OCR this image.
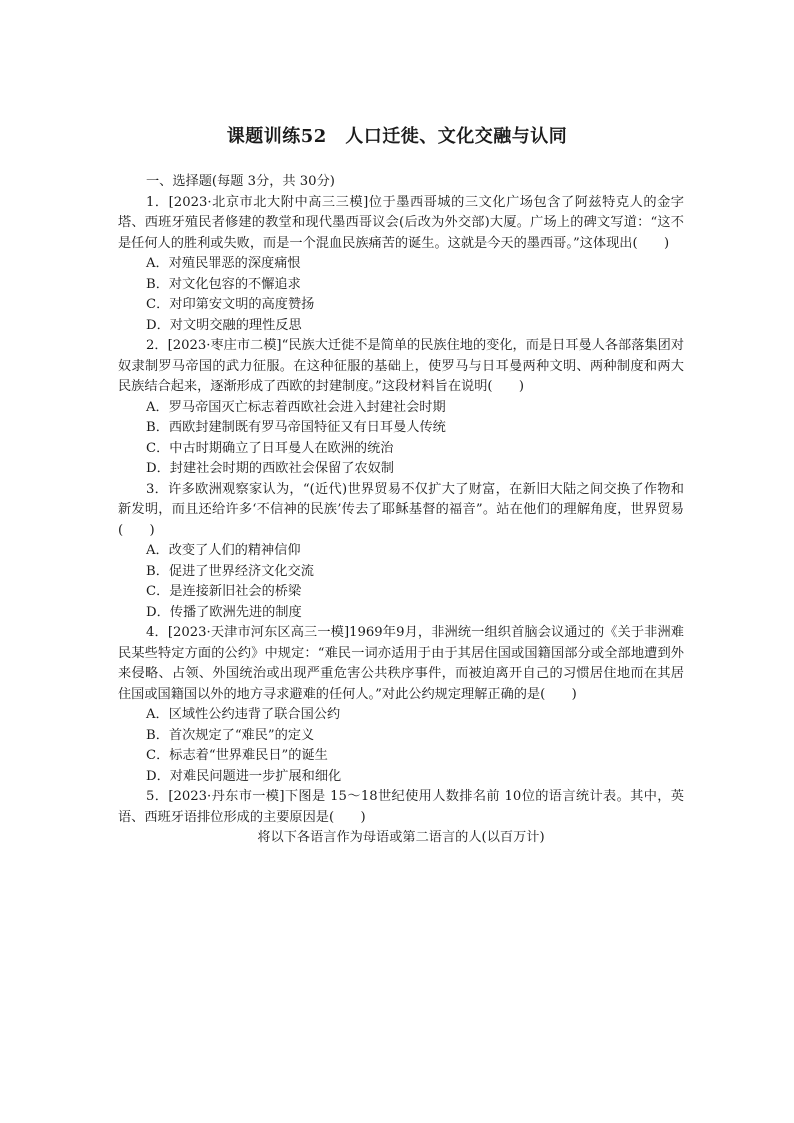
课题训练52　人口迁徙、文化交融与认同

一、选择题(每题 3分，共 30分)

1．[2023·北京市北大附中高三三模]位于墨西哥城的三文化广场包含了阿兹特克人的金字塔、西班牙殖民者修建的教堂和现代墨西哥议会(后改为外交部)大厦。广场上的碑文写道：“这不是任何人的胜利或失败，而是一个混血民族痛苦的诞生。这就是今天的墨西哥。”这体现出(　　)

A．对殖民罪恶的深度痛恨

B．对文化包容的不懈追求

C．对印第安文明的高度赞扬

D．对文明交融的理性反思

2．[2023·枣庄市二模]“民族大迁徙不是简单的民族住地的变化，而是日耳曼人各部落集团对奴隶制罗马帝国的武力征服。在这种征服的基础上，使罗马与日耳曼两种文明、两种制度和两大民族结合起来，逐渐形成了西欧的封建制度。”这段材料旨在说明(　　)

A．罗马帝国灭亡标志着西欧社会进入封建社会时期

B．西欧封建制既有罗马帝国特征又有日耳曼人传统

C．中古时期确立了日耳曼人在欧洲的统治

D．封建社会时期的西欧社会保留了农奴制

3．许多欧洲观察家认为，“(近代)世界贸易不仅扩大了财富，在新旧大陆之间交换了作物和新发明，而且还给许多‘不信神的民族’传去了耶稣基督的福音”。站在他们的理解角度，世界贸易(　　)

A．改变了人们的精神信仰

B．促进了世界经济文化交流

C．是连接新旧社会的桥梁

D．传播了欧洲先进的制度

4．[2023·天津市河东区高三一模]1969年9月，非洲统一组织首脑会议通过的《关于非洲难民某些特定方面的公约》中规定：“难民一词亦适用于由于其居住国或国籍国部分或全部地遭到外来侵略、占领、外国统治或出现严重危害公共秩序事件，而被迫离开自己的习惯居住地而在其居住国或国籍国以外的地方寻求避难的任何人。”对此公约规定理解正确的是(　　)

A．区域性公约违背了联合国公约

B．首次规定了“难民”的定义

C．标志着“世界难民日”的诞生

D．对难民问题进一步扩展和细化

5．[2023·丹东市一模]下图是 15～18世纪使用人数排名前 10位的语言统计表。其中，英语、西班牙语排位形成的主要原因是(　　)

将以下各语言作为母语或第二语言的人(以百万计)
